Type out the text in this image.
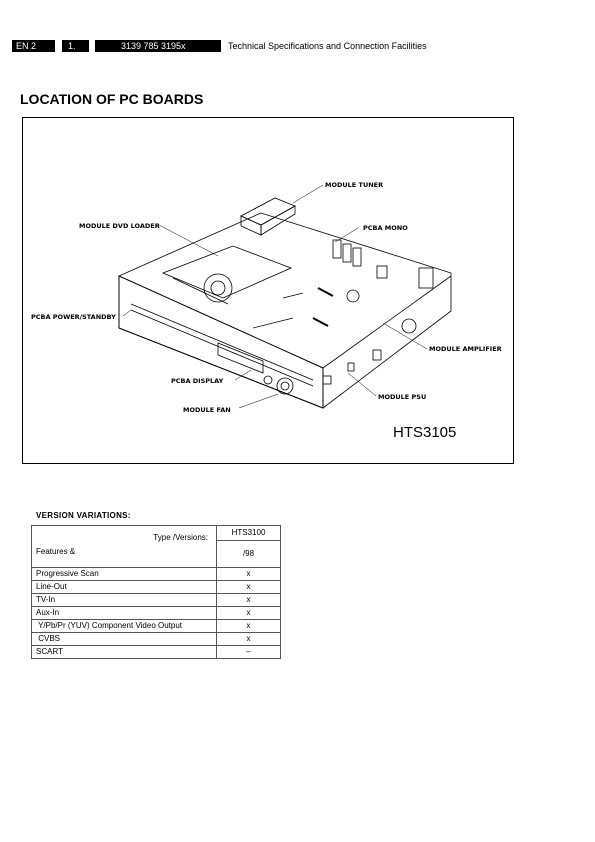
EN 2	1.	3139 785 3195x	Technical Specifications and Connection Facilities
LOCATION OF PC BOARDS
MODULE TUNER
MODULE DVD LOADER	PCBA MONO
PCBA POWER/STANDBY
MODULE AMPLIFIER
PCBA DISPLAY
MODULE PSU
MODULE FAN
HTS3105
VERSION VARIATIONS:
Type /Versions:
Features &	HTS3100
	/98
Progressive Scan	x
Line-Out	x
TV-In	x
Aux-In	x
Y/Pb/Pr (YUV) Component Video Output	x
CVBS	x
SCART	–
